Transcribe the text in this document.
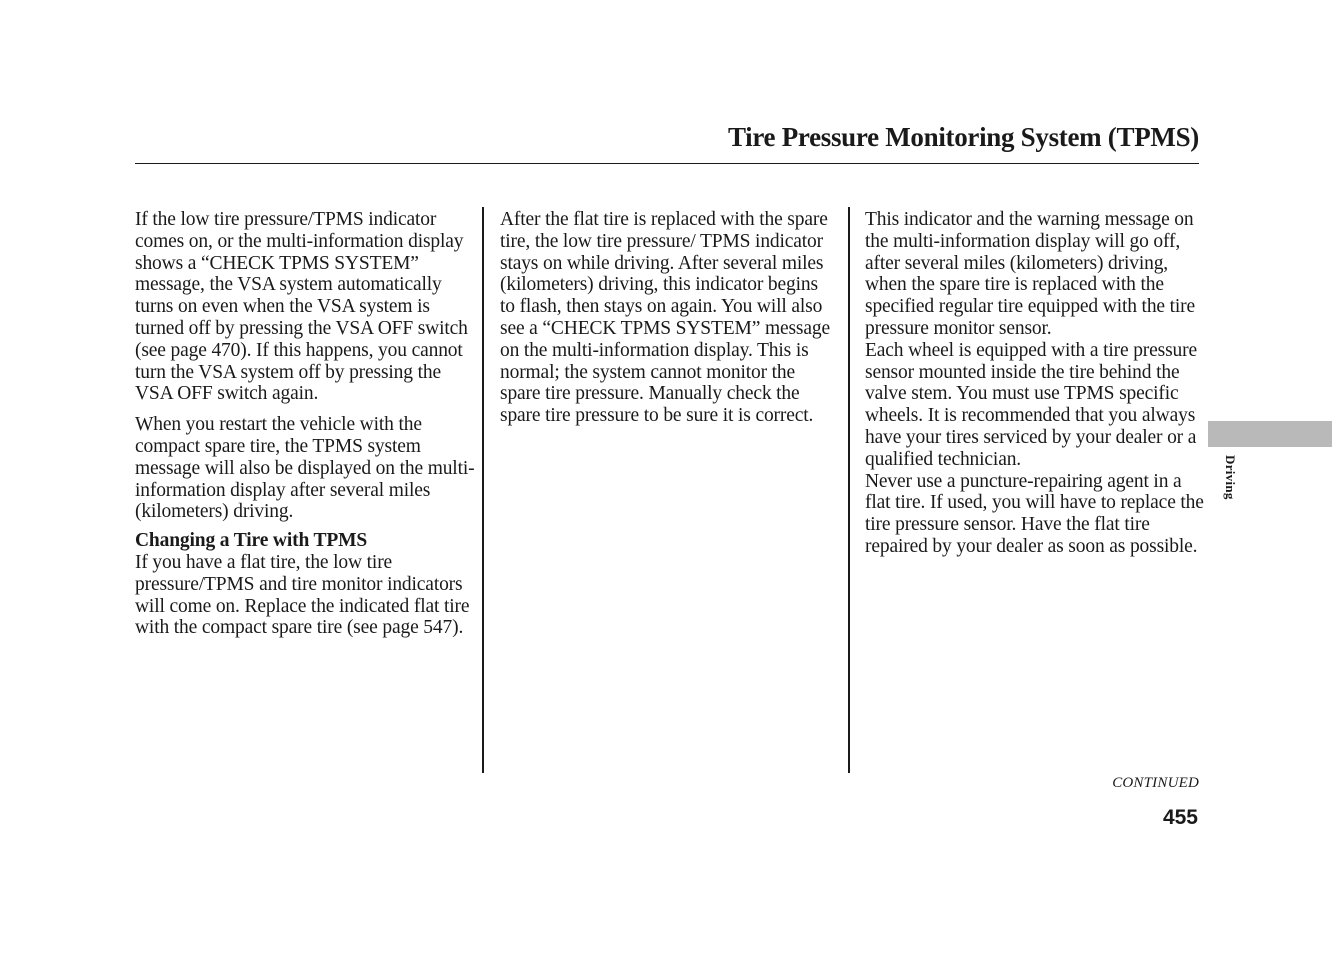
Tire Pressure Monitoring System (TPMS)

If the low tire pressure/TPMS indicator comes on, or the multi-information display shows a “CHECK TPMS SYSTEM” message, the VSA system automatically turns on even when the VSA system is turned off by pressing the VSA OFF switch (see page 470). If this happens, you cannot turn the VSA system off by pressing the VSA OFF switch again.

When you restart the vehicle with the compact spare tire, the TPMS system message will also be displayed on the multi-information display after several miles (kilometers) driving.

Changing a Tire with TPMS
If you have a flat tire, the low tire pressure/TPMS and tire monitor indicators will come on. Replace the indicated flat tire with the compact spare tire (see page 547).

After the flat tire is replaced with the spare tire, the low tire pressure/ TPMS indicator stays on while driving. After several miles (kilometers) driving, this indicator begins to flash, then stays on again. You will also see a “CHECK TPMS SYSTEM” message on the multi-information display. This is normal; the system cannot monitor the spare tire pressure. Manually check the spare tire pressure to be sure it is correct.

This indicator and the warning message on the multi-information display will go off, after several miles (kilometers) driving, when the spare tire is replaced with the specified regular tire equipped with the tire pressure monitor sensor.

Each wheel is equipped with a tire pressure sensor mounted inside the tire behind the valve stem. You must use TPMS specific wheels. It is recommended that you always have your tires serviced by your dealer or a qualified technician.

Never use a puncture-repairing agent in a flat tire. If used, you will have to replace the tire pressure sensor. Have the flat tire repaired by your dealer as soon as possible.

Driving
CONTINUED
455
